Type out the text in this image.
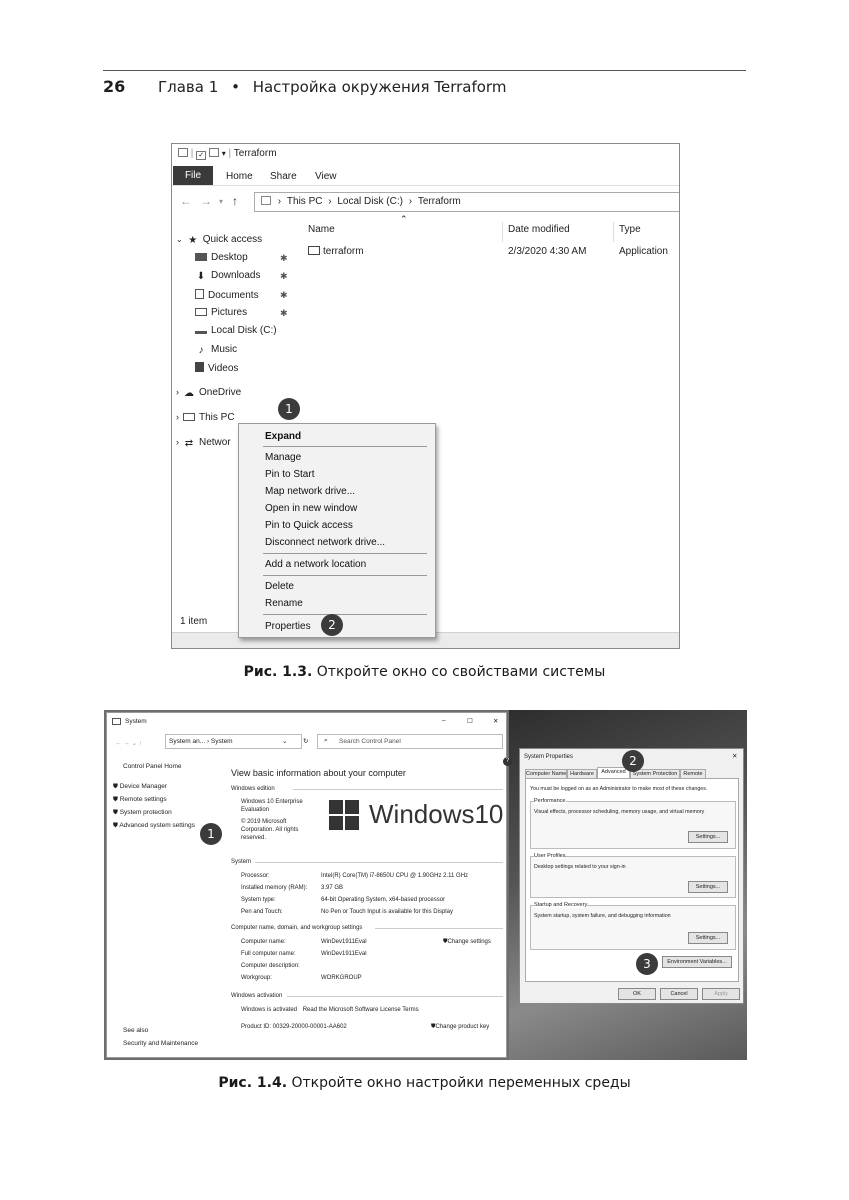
26 Глава 1 • Настройка окружения Terraform
| ✓ ▾ | Terraform
File	Home Share View
← → ▾ ↑	› This PC › Local Disk (C:) › Terraform
⌄ ★ Quick access
Desktop	✱
⬇ Downloads ✱
Documents ✱
Pictures	✱
Local Disk (C:)
♪ Music
Videos
› ☁ OneDrive
› This PC
› ⇄ Networ
⌃
Name	Date modified	Type
terraform	2/3/2020 4:30 AM	Application
1 item
1
Expand
Manage
Pin to Start
Map network drive...
Open in new window
Pin to Quick access
Disconnect network drive...
Add a network location
Delete
Rename
Properties	2
Рис. 1.3. Откройте окно со свойствами системы
System	–	☐	✕
← → ⌄ ↑	System an... › System	⌄ ↻ ⌕ Search Control Panel
?
Control Panel Home
⛊ Device Manager
⛊ Remote settings
⛊ System protection
⛊ Advanced system settings
See also
Security and Maintenance
View basic information about your computer
Windows edition
Windows 10 Enterprise
Evaluation
© 2019 Microsoft
Corporation. All rights
reserved.
Windows10
System
Processor:	Intel(R) Core(TM) i7-8650U CPU @ 1.90GHz 2.11 GHz
Installed memory (RAM): 3.97 GB
System type:	64-bit Operating System, x64-based processor
Pen and Touch:	No Pen or Touch Input is available for this Display
Computer name, domain, and workgroup settings
⛊Change settings
Computer name:	WinDev1911Eval
Full computer name:	WinDev1911Eval
Computer description:
Workgroup:	WORKGROUP
Windows activation
Windows is activated Read the Microsoft Software License Terms
Product ID: 00329-20000-00001-AA602	⛊Change product key
System Properties	✕
Computer Name Hardware	Advanced	System Protection	Remote
You must be logged on as an Administrator to make most of these changes.
Performance
Visual effects, processor scheduling, memory usage, and virtual memory
Settings...
User Profiles
Desktop settings related to your sign-in
Settings...
Startup and Recovery
System startup, system failure, and debugging information
Settings...
Environment Variables...
OK	Cancel	Apply
1
2
3
Рис. 1.4. Откройте окно настройки переменных среды
